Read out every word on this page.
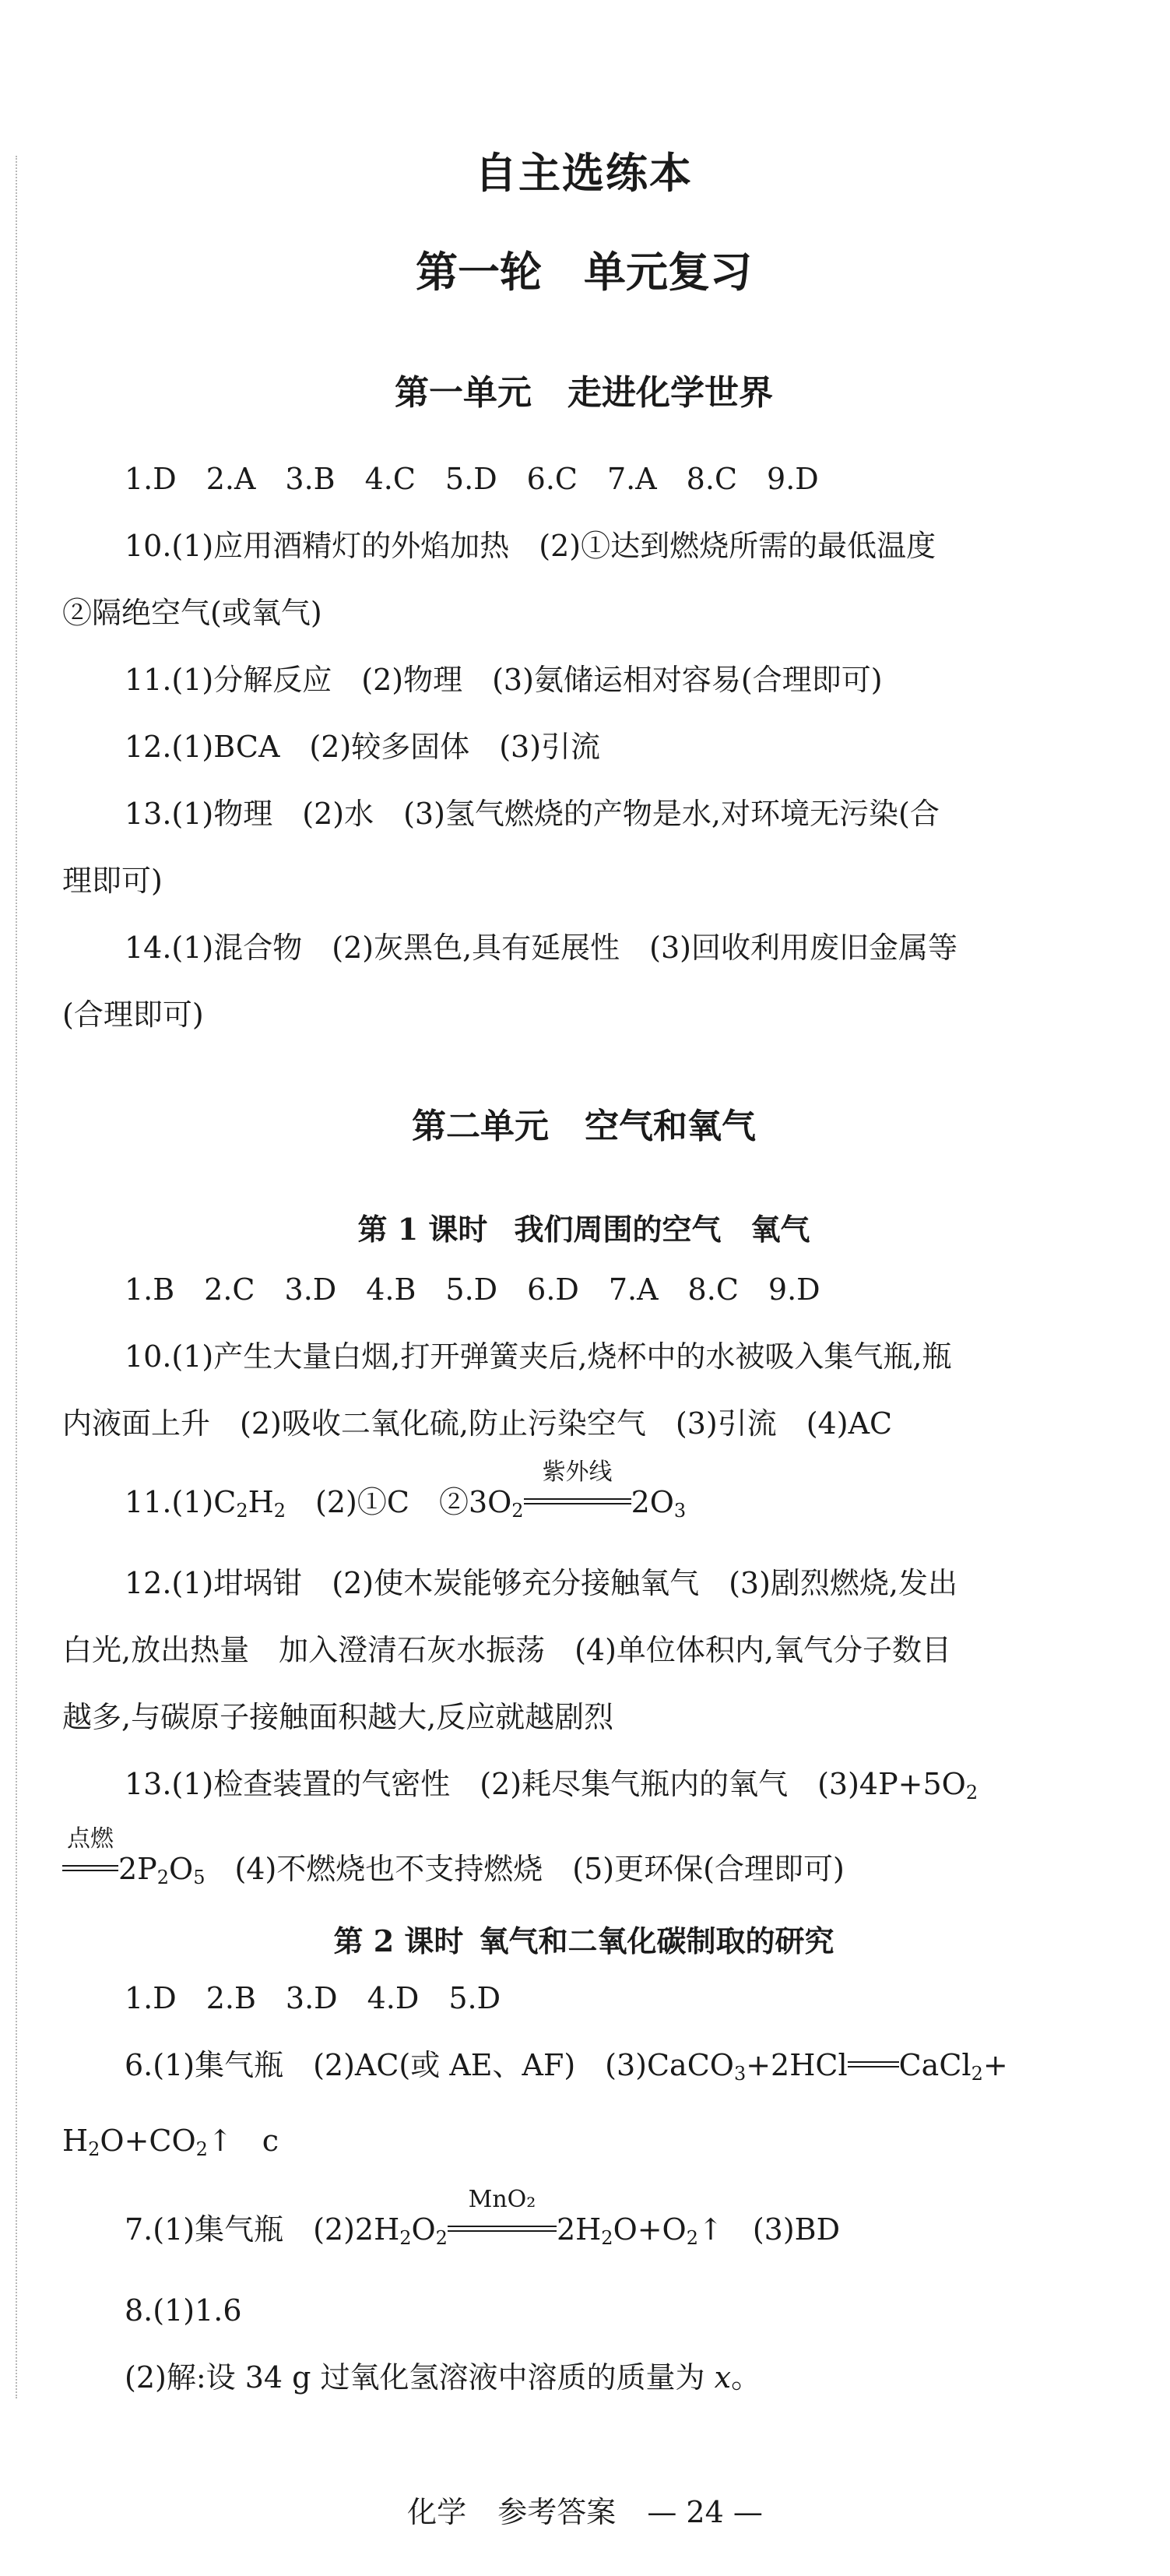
自主选练本
第一轮　单元复习
第一单元 走进化学世界
1.D　2.A　3.B　4.C　5.D　6.C　7.A　8.C　9.D
10.(1)应用酒精灯的外焰加热　(2)①达到燃烧所需的最低温度
②隔绝空气(或氧气)
11.(1)分解反应　(2)物理　(3)氨储运相对容易(合理即可)
12.(1)BCA　(2)较多固体　(3)引流
13.(1)物理　(2)水　(3)氢气燃烧的产物是水,对环境无污染(合
理即可)
14.(1)混合物　(2)灰黑色,具有延展性　(3)回收利用废旧金属等
(合理即可)
第二单元 空气和氧气
第 1 课时 我们周围的空气　氧气
1.B　2.C　3.D　4.B　5.D　6.D　7.A　8.C　9.D
10.(1)产生大量白烟,打开弹簧夹后,烧杯中的水被吸入集气瓶,瓶
内液面上升　(2)吸收二氧化硫,防止污染空气　(3)引流　(4)AC
$11.(1)C_2H_2$　(2)①C　$②3O_2$
紫外线
$2O_3$
12.(1)坩埚钳　(2)使木炭能够充分接触氧气　(3)剧烈燃烧,发出
白光,放出热量　加入澄清石灰水振荡　(4)单位体积内,氧气分子数目
越多,与碳原子接触面积越大,反应就越剧烈
13.(1)检查装置的气密性　(2)耗尽集气瓶内的氧气　$(3)4P+5O_2$
点燃
$2P_2O_5$　(4)不燃烧也不支持燃烧　(5)更环保(合理即可)
第 2 课时 氧气和二氧化碳制取的研究
1.D　2.B　3.D　4.D　5.D
6.(1)集气瓶　(2)AC(或 AE、AF)　(3)CaCO$_3$+2HCl CaCl$_2$+
$H_2O+CO_2↑$　c
7.(1)集气瓶　$(2)2H_2O_2$
MnO₂
$2H_2O+O_2↑$　(3)BD
8.(1)1.6
(2)解:设 34 g 过氧化氢溶液中溶质的质量为 x。
化学 参考答案 — 24 —
